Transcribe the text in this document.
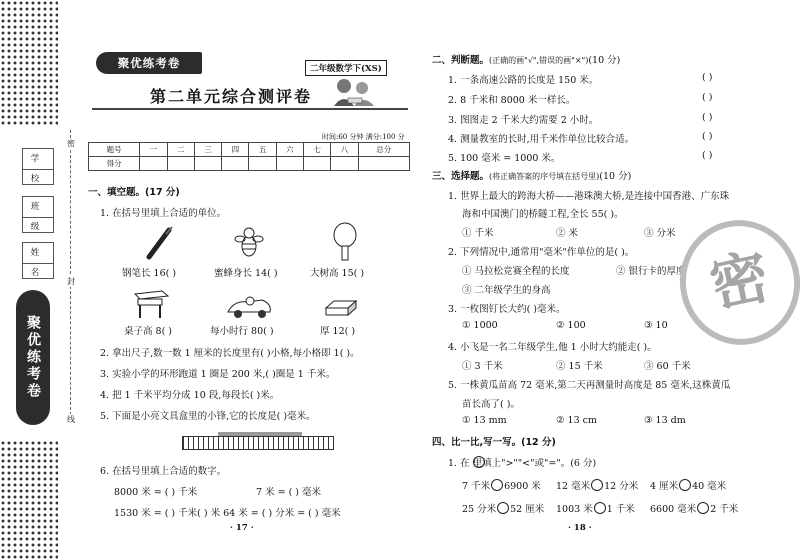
学 校
班 级
姓 名
聚优练考卷
密
封
线
聚优练考卷	二年级数学下(XS)
第二单元综合测评卷
时间:60 分钟 满分:100 分
题号	一	二	三	四	五	六	七	八	总分
得分									
一、填空题。(17 分)
1. 在括号里填上合适的单位。
钢笔长 16( )	蜜蜂身长 14( )	大树高 15( )
桌子高 8( )	每小时行 80( )	厚 12( )
2. 拿出尺子,数一数 1 厘米的长度里有( )小格,每小格即 1( )。
3. 实验小学的环形跑道 1 圈是 200 米,( )圈是 1 千米。
4. 把 1 千米平均分成 10 段,每段长( )米。
5. 下面是小亮文具盒里的小锋,它的长度是( )毫米。
6. 在括号里填上合适的数字。
8000 米 = ( ) 千米	7 米 = ( ) 毫米
1530 米 = ( ) 千米( ) 米 64 米 = ( ) 分米 = ( ) 毫米
· 17 ·
二、判断题。(正确的画"√",错误的画"×")(10 分)
1. 一条高速公路的长度是 150 米。
2. 8 千米和 8000 米一样长。
3. 图图走 2 千米大约需要 2 小时。
4. 测量教室的长时,用千米作单位比较合适。
5. 100 毫米 = 1000 米。
( )
( )
( )
( )
( )
三、选择题。(将正确答案的序号填在括号里)(10 分)
1. 世界上最大的跨海大桥——港珠澳大桥,是连接中国香港、广东珠
海和中国澳门的桥隧工程,全长 55( )。
① 千米	② 米	③ 分米
2. 下列情况中,通常用"毫米"作单位的是( )。
① 马拉松竞赛全程的长度	② 银行卡的厚度
③ 二年级学生的身高
3. 一枚图钉长大约( )毫米。
① 1000	② 100	③ 10
4. 小飞是一名二年级学生,他 1 小时大约能走( )。
① 3 千米	② 15 千米	③ 60 千米
5. 一株黄瓜苗高 72 毫米,第二天再测量时高度是 85 毫米,这株黄瓜
苗长高了( )。
① 13 mm	② 13 cm	③ 13 dm
四、比一比,写一写。(12 分)
1. 在 里填上">""<"或"="。(6 分)
7 千米 6900 米 12 毫米 12 分米 4 厘米 40 毫米
25 分米 52 厘米 1003 米 1 千米 6600 毫米 2 千米
· 18 ·
密
